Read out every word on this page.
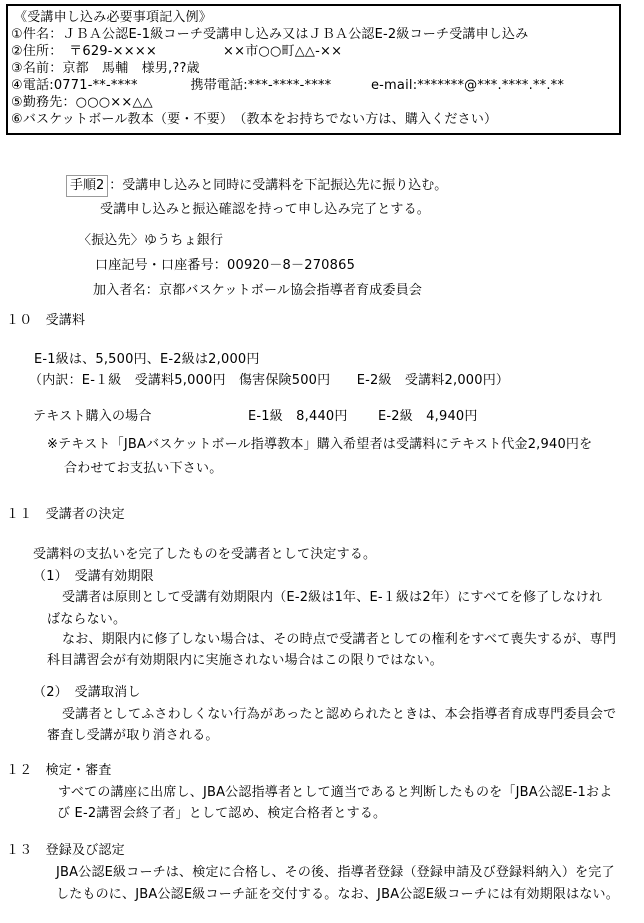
《受講申し込み必要事項記入例》
①件名：ＪＢＡ公認E-1級コーチ受講申し込み又はＪＢＡ公認E-2級コーチ受講申し込み
②住所：　〒629-××××　　　　　××市○○町△△-××
③名前：京都　馬輔　様男,??歳
④電話:0771-**-****　　　　携帯電話:***-****-****　　　e-mail:*******@***.****.**.**
⑤勤務先：○○○××△△
⑥バスケットボール教本（要・不要）　（教本をお持ちでない方は、購入ください）
手順2 ：受講申し込みと同時に受講料を下記振込先に振り込む。
受講申し込みと振込確認を持って申し込み完了とする。
〈振込先〉ゆうちょ銀行
口座記号・口座番号：00920－8－270865
加入者名：京都バスケットボール協会指導者育成委員会
１０　受講料
E-1級は、5,500円、E-2級は2,000円
（内訳：E-１級　受講料5,000円　傷害保険500円　　E-2級　受講料2,000円）
テキスト購入の場合	E-1級　8,440円 E-2級　4,940円
※テキスト「JBAバスケットボール指導教本」購入希望者は受講料にテキスト代金2,940円を
合わせてお支払い下さい。
１１　受講者の決定
受講料の支払いを完了したものを受講者として決定する。
（1）　受講有効期限
受講者は原則として受講有効期限内（E-2級は1年、E-１級は2年）にすべてを修了しなけれ
ばならない。
なお、期限内に修了しない場合は、その時点で受講者としての権利をすべて喪失するが、専門
科目講習会が有効期限内に実施されない場合はこの限りではない。
（2）　受講取消し
受講者としてふさわしくない行為があったと認められたときは、本会指導者育成専門委員会で
審査し受講が取り消される。
１２　検定・審査
すべての講座に出席し、JBA公認指導者として適当であると判断したものを「JBA公認E-1およ
び E-2講習会終了者」として認め、検定合格者とする。
１３　登録及び認定
JBA公認E級コーチは、検定に合格し、その後、指導者登録（登録申請及び登録料納入）を完了
したものに、JBA公認E級コーチ証を交付する。なお、JBA公認E級コーチには有効期限はない。
